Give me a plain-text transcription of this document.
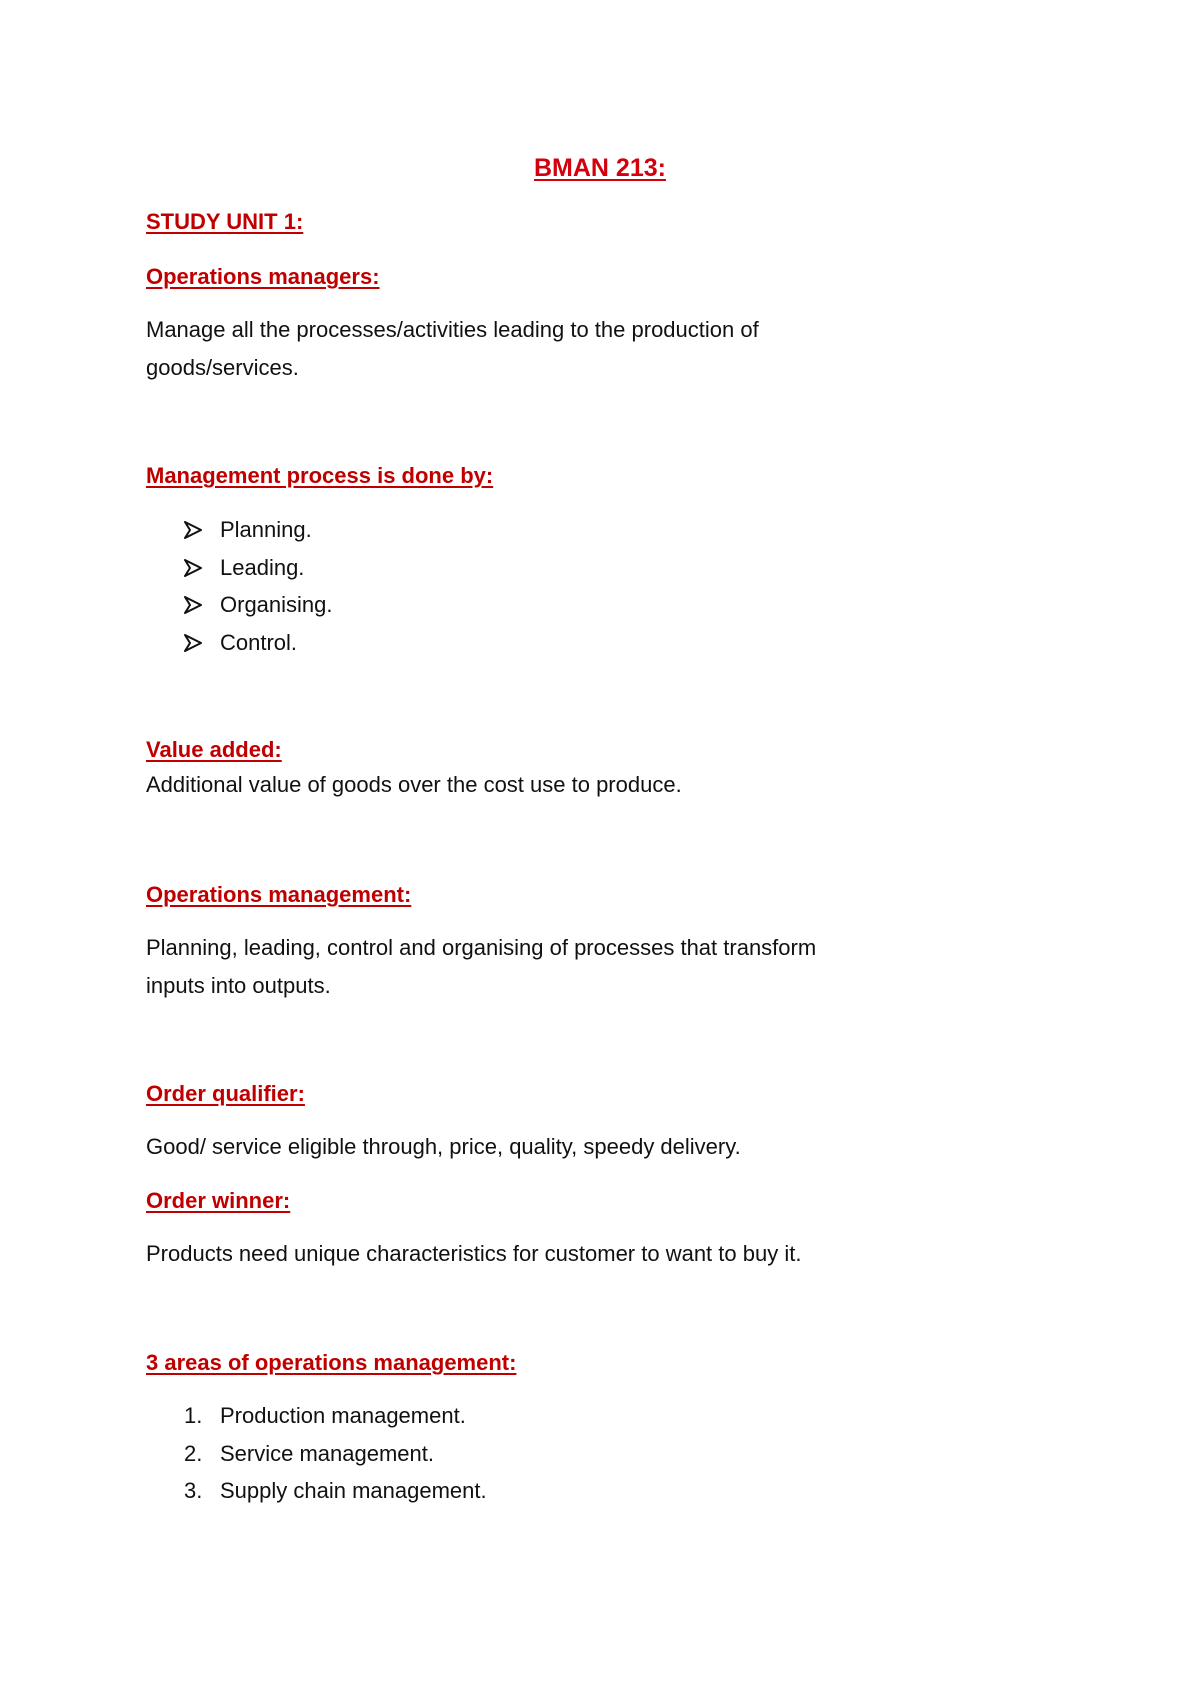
BMAN 213:
STUDY UNIT 1:
Operations managers:
Manage all the processes/activities leading to the production of
goods/services.
Management process is done by:
Planning.
Leading.
Organising.
Control.
Value added:
Additional value of goods over the cost use to produce.
Operations management:
Planning, leading, control and organising of processes that transform
inputs into outputs.
Order qualifier:
Good/ service eligible through, price, quality, speedy delivery.
Order winner:
Products need unique characteristics for customer to want to buy it.
3 areas of operations management:
1. Production management.
2. Service management.
3. Supply chain management.
